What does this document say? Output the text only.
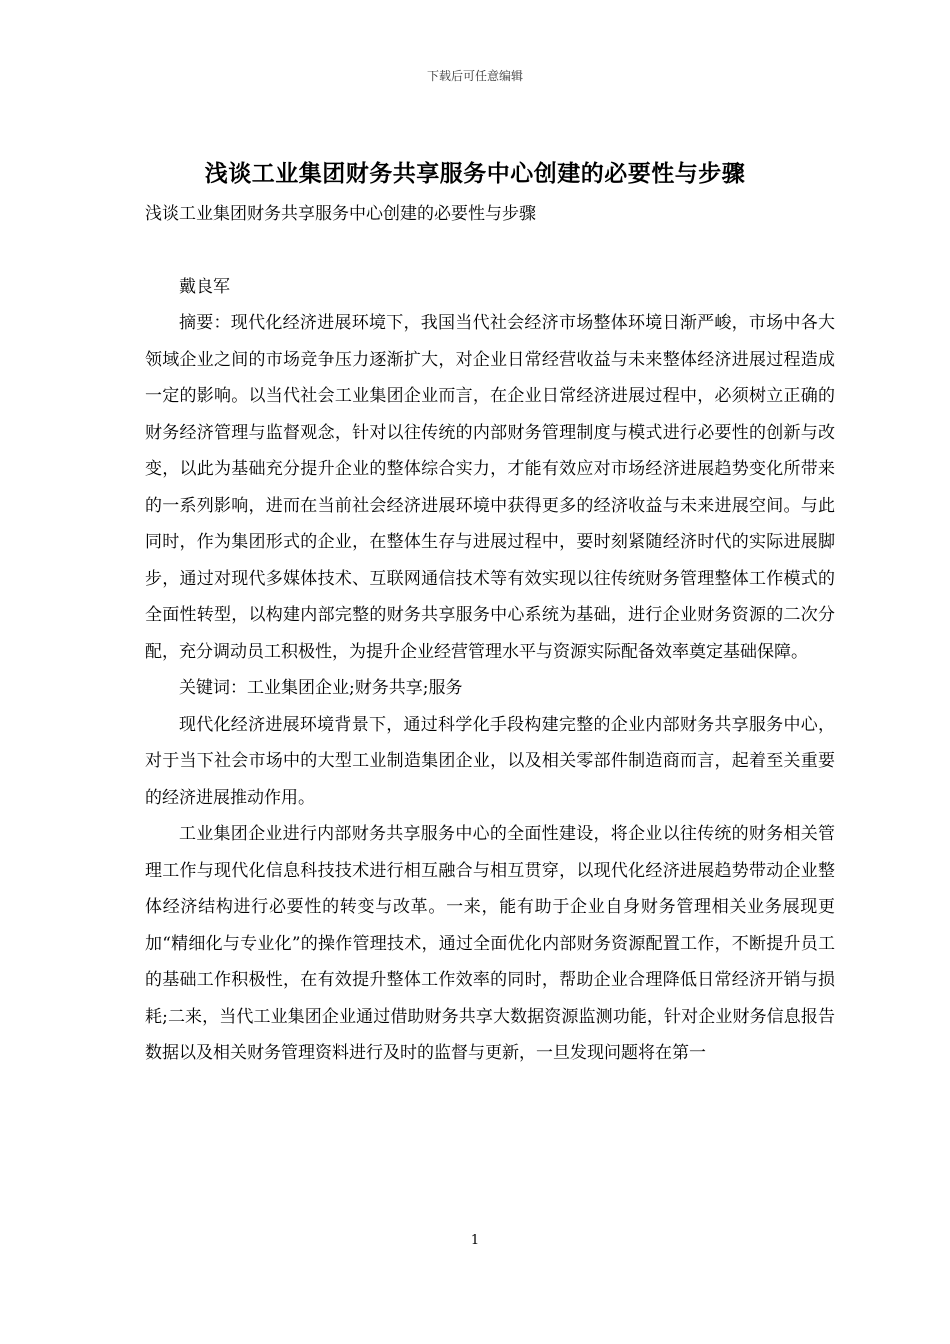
下载后可任意编辑
浅谈工业集团财务共享服务中心创建的必要性与步骤

浅谈工业集团财务共享服务中心创建的必要性与步骤

戴良军

摘要：现代化经济进展环境下，我国当代社会经济市场整体环境日渐严峻，市场中各大领域企业之间的市场竞争压力逐渐扩大，对企业日常经营收益与未来整体经济进展过程造成一定的影响。以当代社会工业集团企业而言，在企业日常经济进展过程中，必须树立正确的财务经济管理与监督观念，针对以往传统的内部财务管理制度与模式进行必要性的创新与改变，以此为基础充分提升企业的整体综合实力，才能有效应对市场经济进展趋势变化所带来的一系列影响，进而在当前社会经济进展环境中获得更多的经济收益与未来进展空间。与此同时，作为集团形式的企业，在整体生存与进展过程中，要时刻紧随经济时代的实际进展脚步，通过对现代多媒体技术、互联网通信技术等有效实现以往传统财务管理整体工作模式的全面性转型，以构建内部完整的财务共享服务中心系统为基础，进行企业财务资源的二次分配，充分调动员工积极性，为提升企业经营管理水平与资源实际配备效率奠定基础保障。

关键词：工业集团企业;财务共享;服务

现代化经济进展环境背景下，通过科学化手段构建完整的企业内部财务共享服务中心，对于当下社会市场中的大型工业制造集团企业，以及相关零部件制造商而言，起着至关重要的经济进展推动作用。

工业集团企业进行内部财务共享服务中心的全面性建设，将企业以往传统的财务相关管理工作与现代化信息科技技术进行相互融合与相互贯穿，以现代化经济进展趋势带动企业整体经济结构进行必要性的转变与改革。一来，能有助于企业自身财务管理相关业务展现更加“精细化与专业化”的操作管理技术，通过全面优化内部财务资源配置工作，不断提升员工的基础工作积极性，在有效提升整体工作效率的同时，帮助企业合理降低日常经济开销与损耗;二来，当代工业集团企业通过借助财务共享大数据资源监测功能，针对企业财务信息报告数据以及相关财务管理资料进行及时的监督与更新，一旦发现问题将在第一

1
